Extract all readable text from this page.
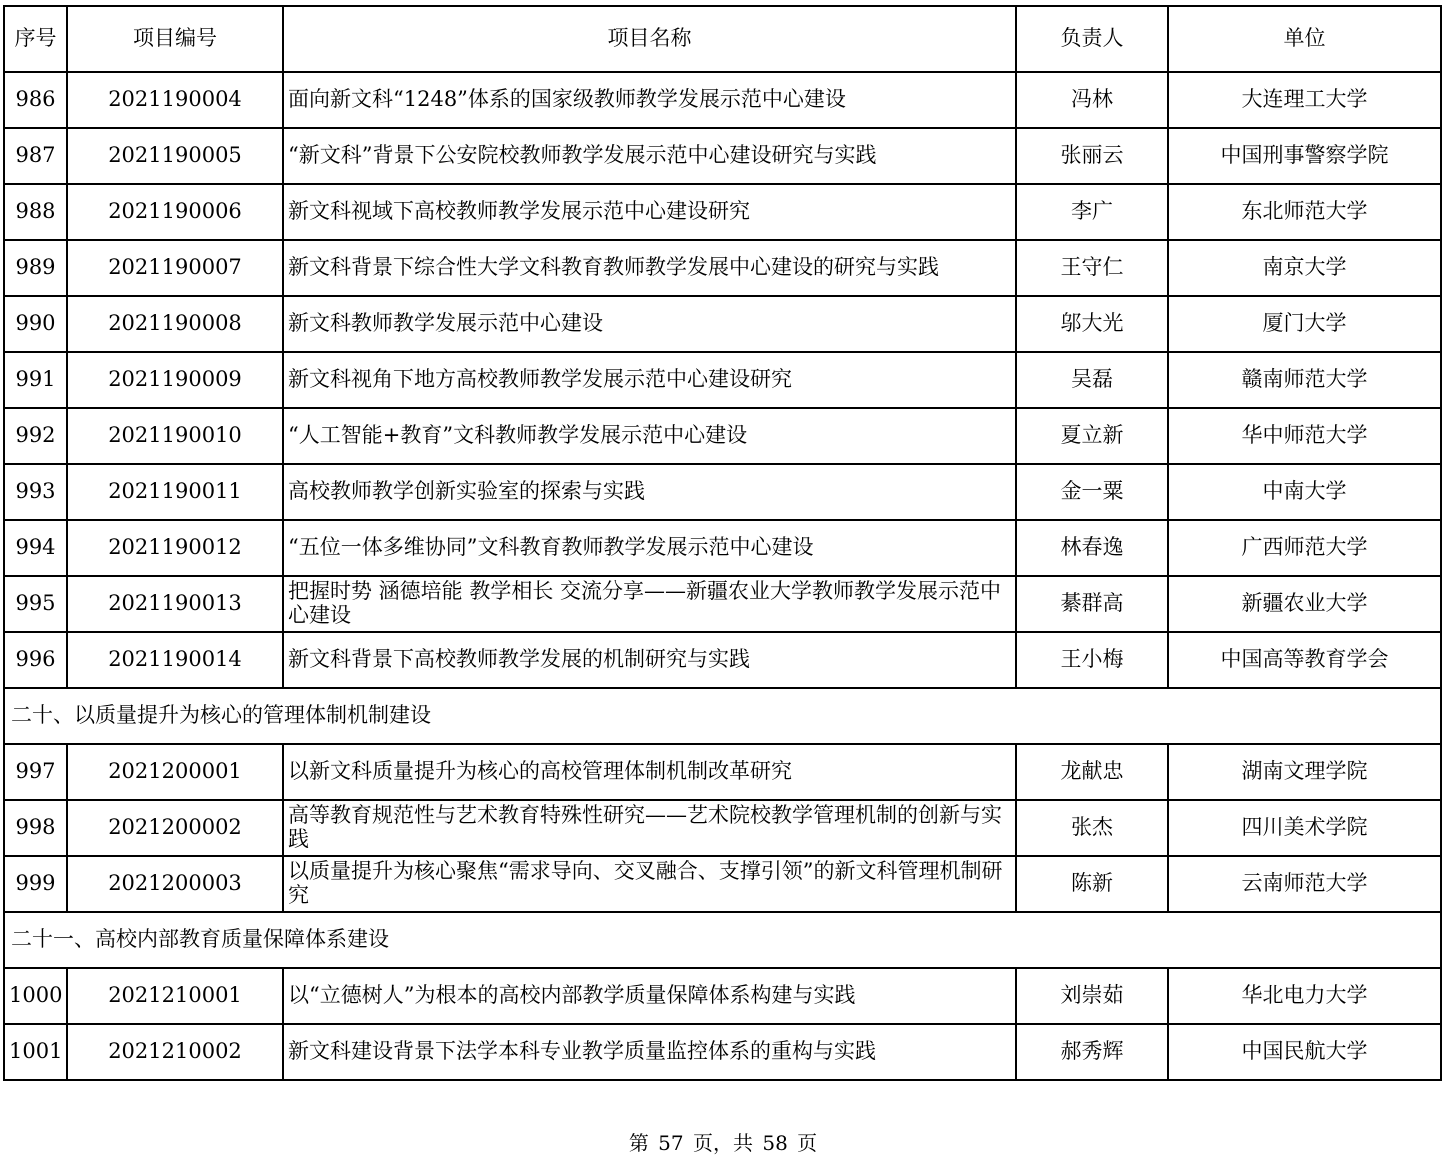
序号	项目编号	项目名称	负责人	单位
986	2021190004	面向新文科“1248”体系的国家级教师教学发展示范中心建设	冯林	大连理工大学
987	2021190005	“新文科”背景下公安院校教师教学发展示范中心建设研究与实践	张丽云	中国刑事警察学院
988	2021190006	新文科视域下高校教师教学发展示范中心建设研究	李广	东北师范大学
989	2021190007	新文科背景下综合性大学文科教育教师教学发展中心建设的研究与实践	王守仁	南京大学
990	2021190008	新文科教师教学发展示范中心建设	邬大光	厦门大学
991	2021190009	新文科视角下地方高校教师教学发展示范中心建设研究	吴磊	赣南师范大学
992	2021190010	“人工智能+教育”文科教师教学发展示范中心建设	夏立新	华中师范大学
993	2021190011	高校教师教学创新实验室的探索与实践	金一粟	中南大学
994	2021190012	“五位一体多维协同”文科教育教师教学发展示范中心建设	林春逸	广西师范大学
995	2021190013	把握时势 涵德培能 教学相长 交流分享——新疆农业大学教师教学发展示范中心建设	綦群高	新疆农业大学
996	2021190014	新文科背景下高校教师教学发展的机制研究与实践	王小梅	中国高等教育学会
二十、以质量提升为核心的管理体制机制建设				
997	2021200001	以新文科质量提升为核心的高校管理体制机制改革研究	龙献忠	湖南文理学院
998	2021200002	高等教育规范性与艺术教育特殊性研究——艺术院校教学管理机制的创新与实践	张杰	四川美术学院
999	2021200003	以质量提升为核心聚焦“需求导向、交叉融合、支撑引领”的新文科管理机制研究	陈新	云南师范大学
二十一、高校内部教育质量保障体系建设				
1000	2021210001	以“立德树人”为根本的高校内部教学质量保障体系构建与实践	刘崇茹	华北电力大学
1001	2021210002	新文科建设背景下法学本科专业教学质量监控体系的重构与实践	郝秀辉	中国民航大学
第 57 页，共 58 页
